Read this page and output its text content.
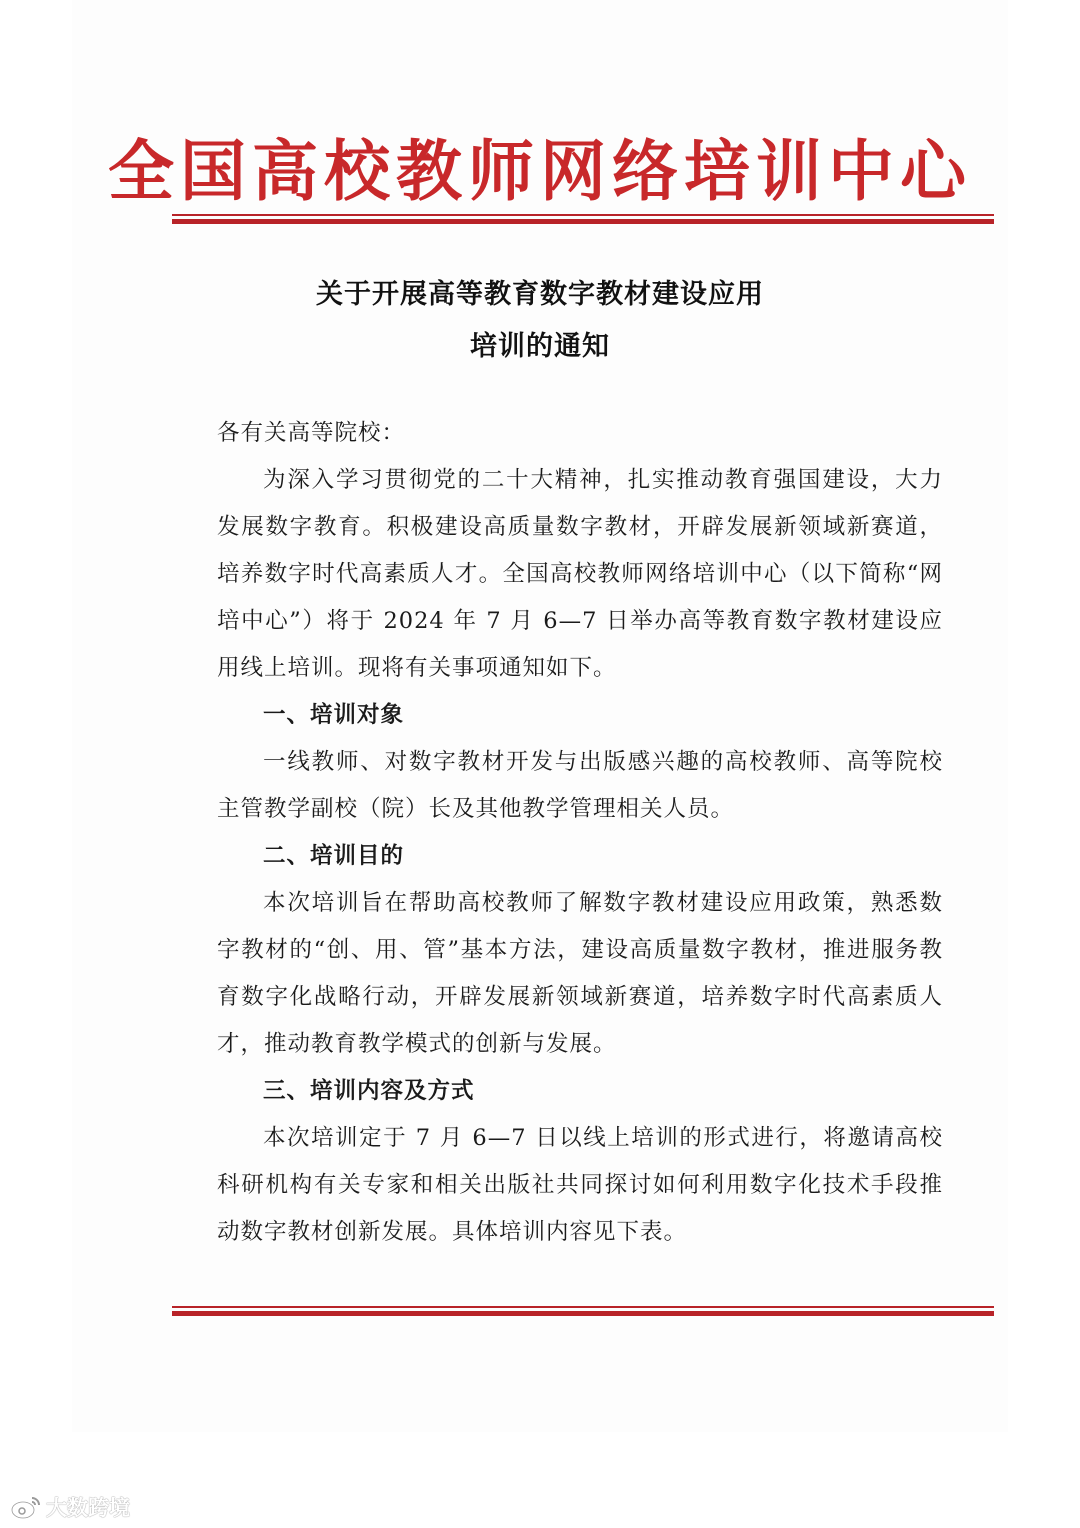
全国高校教师网络培训中心
关于开展高等教育数字教材建设应用
培训的通知

各有关高等院校：

为深入学习贯彻党的二十大精神，扎实推动教育强国建设，大力发展数字教育。积极建设高质量数字教材，开辟发展新领域新赛道，培养数字时代高素质人才。全国高校教师网络培训中心（以下简称“网培中心”）将于 2024 年 7 月 6—7 日举办高等教育数字教材建设应用线上培训。现将有关事项通知如下。

一、培训对象

一线教师、对数字教材开发与出版感兴趣的高校教师、高等院校主管教学副校（院）长及其他教学管理相关人员。

二、培训目的

本次培训旨在帮助高校教师了解数字教材建设应用政策，熟悉数字教材的“创、用、管”基本方法，建设高质量数字教材，推进服务教育数字化战略行动，开辟发展新领域新赛道，培养数字时代高素质人才，推动教育教学模式的创新与发展。

三、培训内容及方式

本次培训定于 7 月 6—7 日以线上培训的形式进行，将邀请高校科研机构有关专家和相关出版社共同探讨如何利用数字化技术手段推动数字教材创新发展。具体培训内容见下表。

大数跨境
